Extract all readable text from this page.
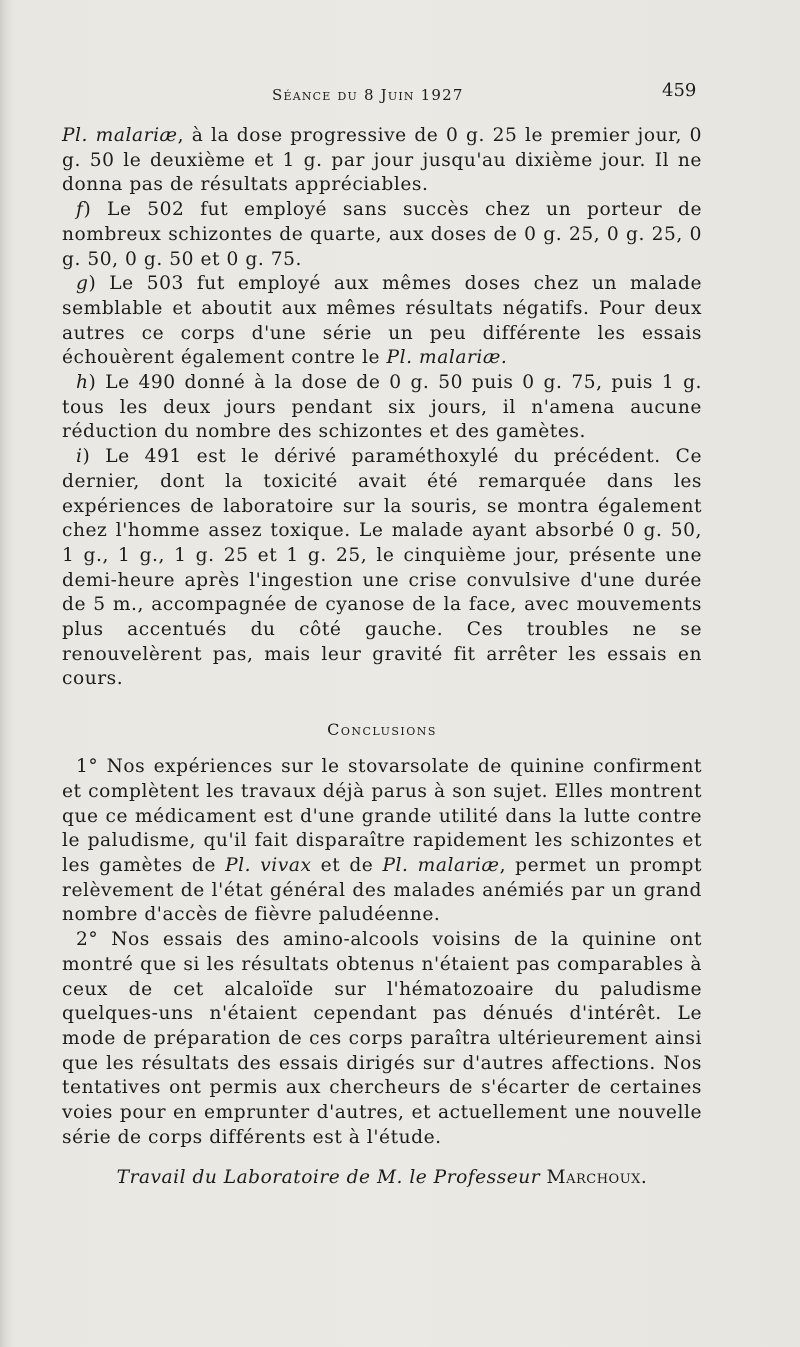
Séance du 8 Juin 1927	459

Pl. malariæ, à la dose progressive de 0 g. 25 le premier jour, 0 g. 50 le deuxième et 1 g. par jour jusqu'au dixième jour. Il ne donna pas de résultats appréciables.

f) Le 502 fut employé sans succès chez un porteur de nombreux schizontes de quarte, aux doses de 0 g. 25, 0 g. 25, 0 g. 50, 0 g. 50 et 0 g. 75.

g) Le 503 fut employé aux mêmes doses chez un malade semblable et aboutit aux mêmes résultats négatifs. Pour deux autres ce corps d'une série un peu différente les essais échouèrent également contre le Pl. malariæ.

h) Le 490 donné à la dose de 0 g. 50 puis 0 g. 75, puis 1 g. tous les deux jours pendant six jours, il n'amena aucune réduction du nombre des schizontes et des gamètes.

i) Le 491 est le dérivé paraméthoxylé du précédent. Ce dernier, dont la toxicité avait été remarquée dans les expériences de laboratoire sur la souris, se montra également chez l'homme assez toxique. Le malade ayant absorbé 0 g. 50, 1 g., 1 g., 1 g. 25 et 1 g. 25, le cinquième jour, présente une demi-heure après l'ingestion une crise convulsive d'une durée de 5 m., accompagnée de cyanose de la face, avec mouvements plus accentués du côté gauche. Ces troubles ne se renouvelèrent pas, mais leur gravité fit arrêter les essais en cours.

Conclusions

1° Nos expériences sur le stovarsolate de quinine confirment et complètent les travaux déjà parus à son sujet. Elles montrent que ce médicament est d'une grande utilité dans la lutte contre le paludisme, qu'il fait disparaître rapidement les schizontes et les gamètes de Pl. vivax et de Pl. malariæ, permet un prompt relèvement de l'état général des malades anémiés par un grand nombre d'accès de fièvre paludéenne.

2° Nos essais des amino-alcools voisins de la quinine ont montré que si les résultats obtenus n'étaient pas comparables à ceux de cet alcaloïde sur l'hématozoaire du paludisme quelques-uns n'étaient cependant pas dénués d'intérêt. Le mode de préparation de ces corps paraîtra ultérieurement ainsi que les résultats des essais dirigés sur d'autres affections. Nos tentatives ont permis aux chercheurs de s'écarter de certaines voies pour en emprunter d'autres, et actuellement une nouvelle série de corps différents est à l'étude.

Travail du Laboratoire de M. le Professeur Marchoux.
